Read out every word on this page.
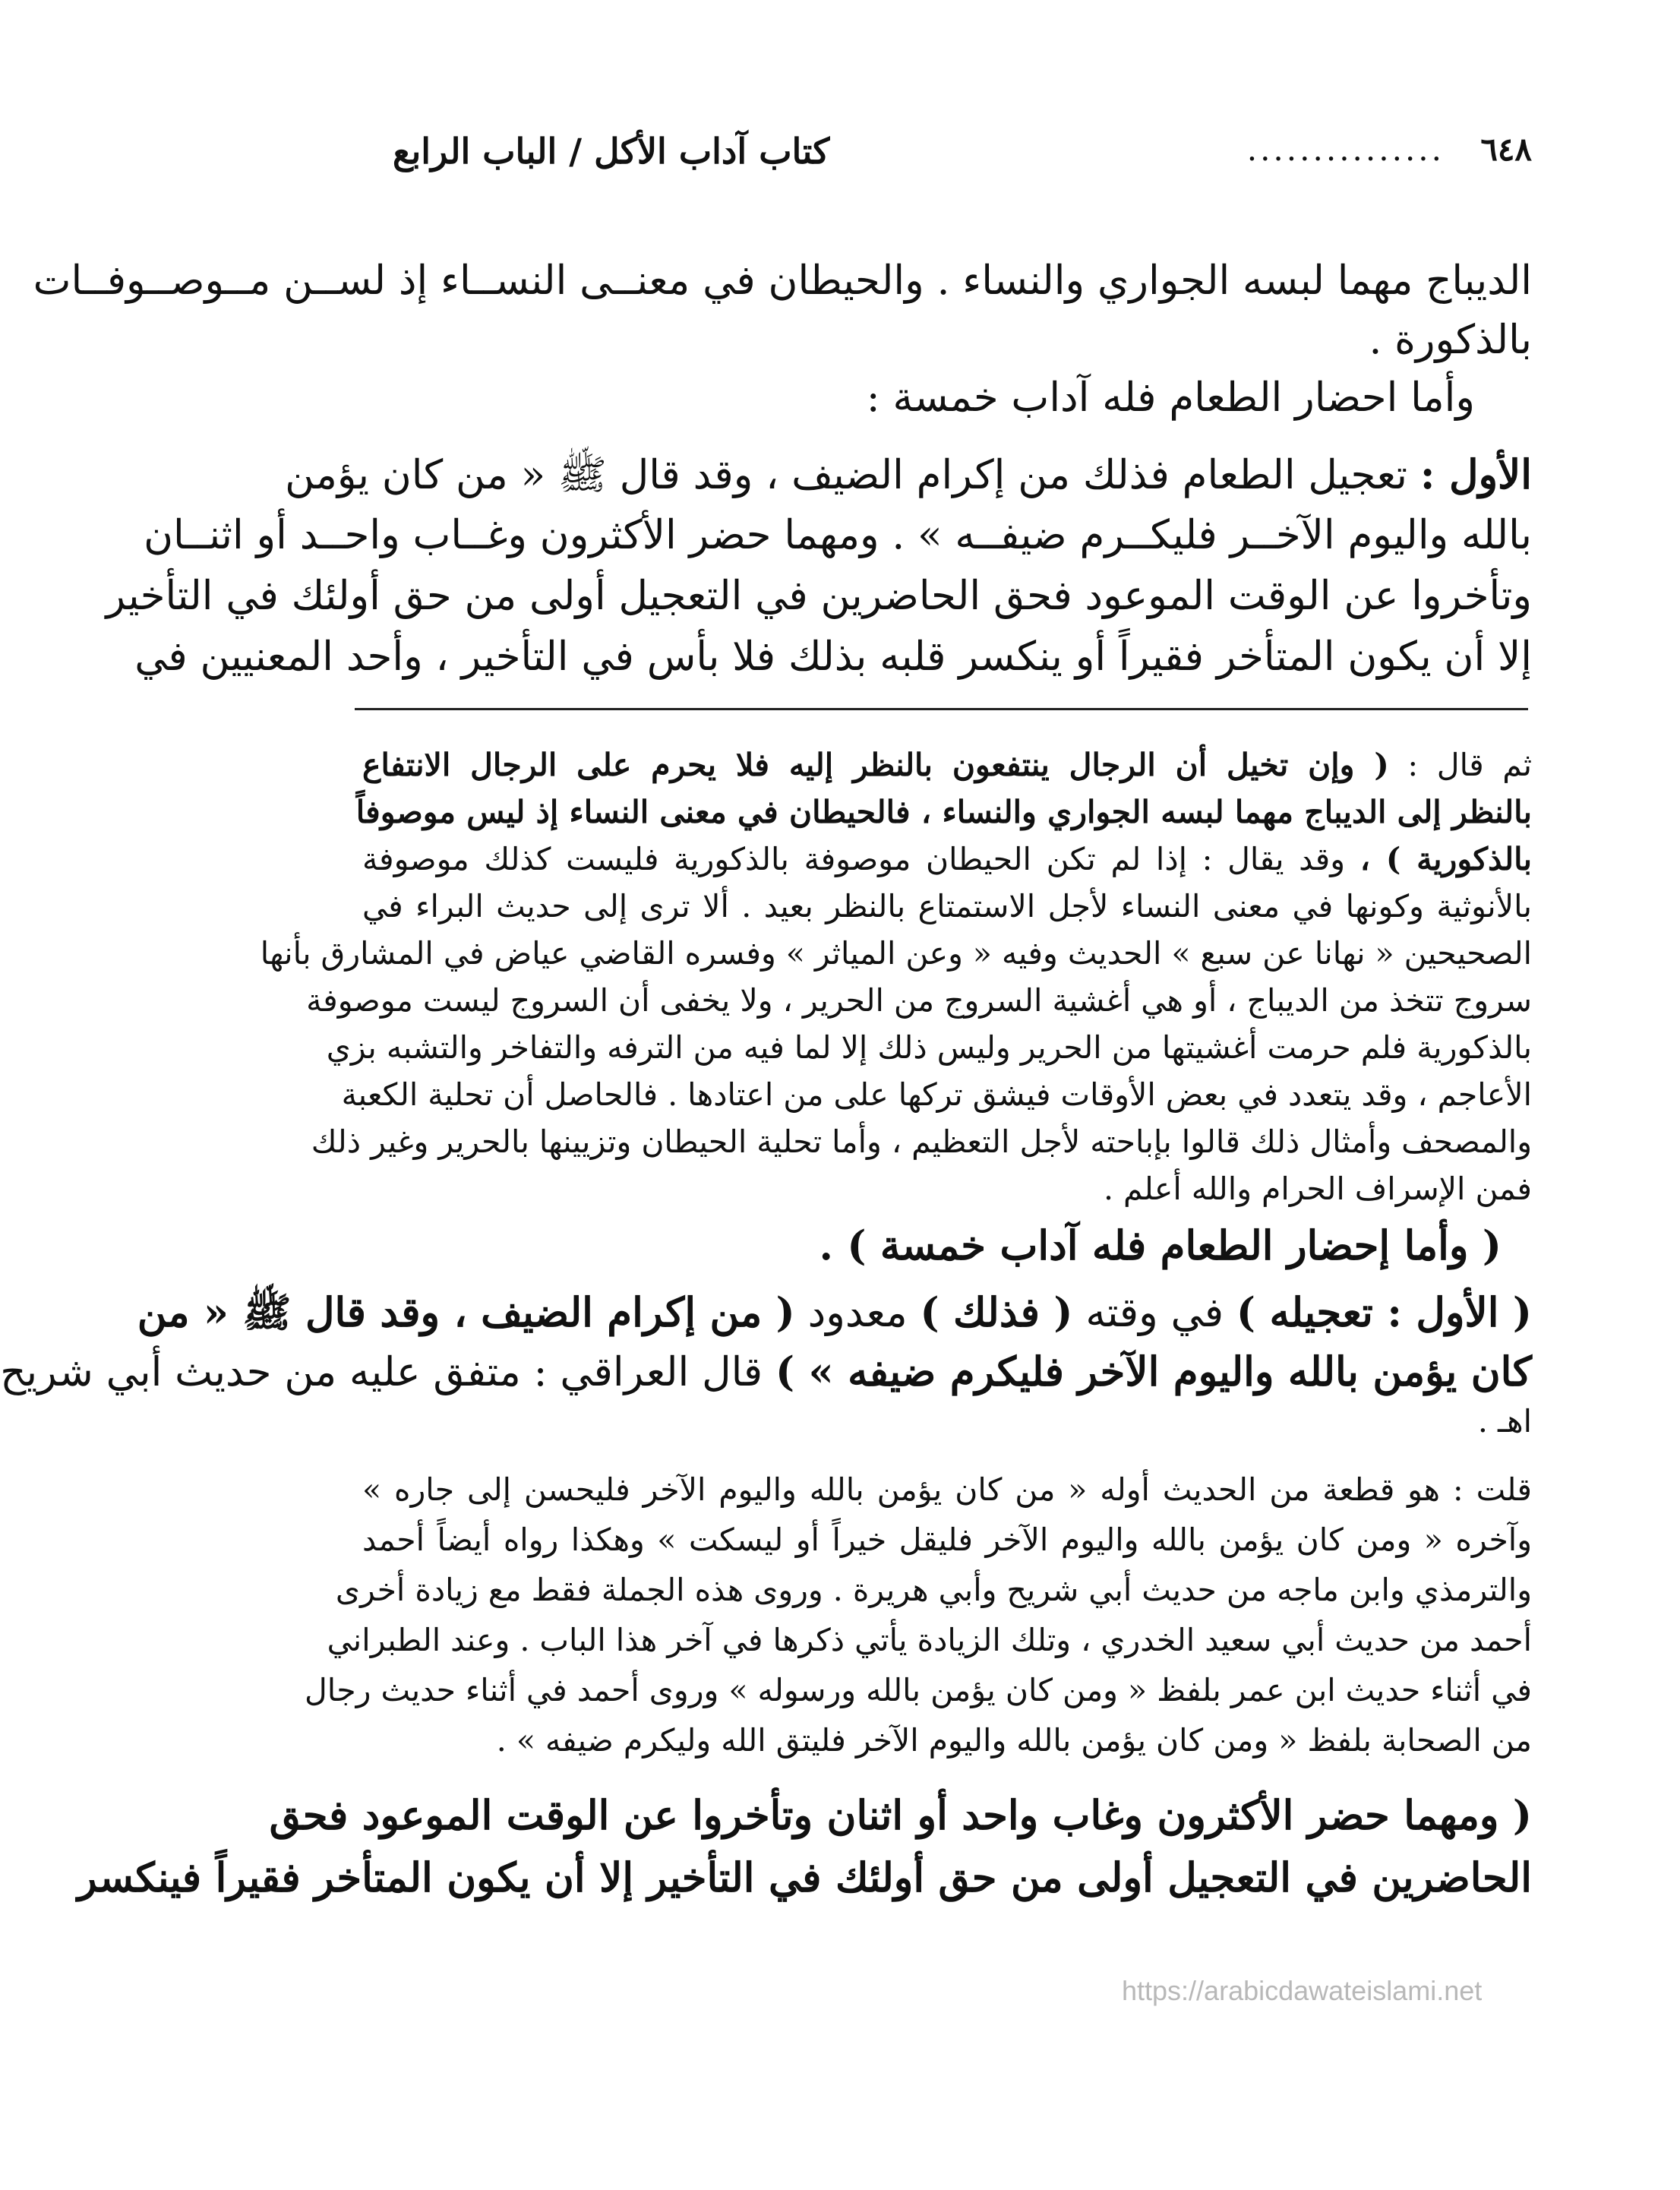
٦٤٨
...............
كتاب آداب الأكل / الباب الرابع
الديباج مهما لبسه الجواري والنساء . والحيطان في معنــى النســاء إذ لســن مــوصــوفــات
بالذكورة .
وأما احضار الطعام فله آداب خمسة :
الأول : تعجيل الطعام فذلك من إكرام الضيف ، وقد قال ﷺ « من كان يؤمن
بالله واليوم الآخــر فليكــرم ضيفــه » . ومهما حضر الأكثرون وغــاب واحــد أو اثنــان
وتأخروا عن الوقت الموعود فحق الحاضرين في التعجيل أولى من حق أولئك في التأخير
إلا أن يكون المتأخر فقيراً أو ينكسر قلبه بذلك فلا بأس في التأخير ، وأحد المعنيين في
ثم قال : ( وإن تخيل أن الرجال ينتفعون بالنظر إليه فلا يحرم على الرجال الانتفاع
بالنظر إلى الديباج مهما لبسه الجواري والنساء ، فالحيطان في معنى النساء إذ ليس موصوفاً
بالذكورية ) ، وقد يقال : إذا لم تكن الحيطان موصوفة بالذكورية فليست كذلك موصوفة
بالأنوثية وكونها في معنى النساء لأجل الاستمتاع بالنظر بعيد . ألا ترى إلى حديث البراء في
الصحيحين « نهانا عن سبع » الحديث وفيه « وعن المياثر » وفسره القاضي عياض في المشارق بأنها
سروج تتخذ من الديباج ، أو هي أغشية السروج من الحرير ، ولا يخفى أن السروج ليست موصوفة
بالذكورية فلم حرمت أغشيتها من الحرير وليس ذلك إلا لما فيه من الترفه والتفاخر والتشبه بزي
الأعاجم ، وقد يتعدد في بعض الأوقات فيشق تركها على من اعتادها . فالحاصل أن تحلية الكعبة
والمصحف وأمثال ذلك قالوا بإباحته لأجل التعظيم ، وأما تحلية الحيطان وتزيينها بالحرير وغير ذلك
فمن الإسراف الحرام والله أعلم .
( وأما إحضار الطعام فله آداب خمسة ) .
( الأول : تعجيله ) في وقته ( فذلك ) معدود ( من إكرام الضيف ، وقد قال ﷺ « من
كان يؤمن بالله واليوم الآخر فليكرم ضيفه » ) قال العراقي : متفق عليه من حديث أبي شريح
اهـ .
قلت : هو قطعة من الحديث أوله « من كان يؤمن بالله واليوم الآخر فليحسن إلى جاره »
وآخره « ومن كان يؤمن بالله واليوم الآخر فليقل خيراً أو ليسكت » وهكذا رواه أيضاً أحمد
والترمذي وابن ماجه من حديث أبي شريح وأبي هريرة . وروى هذه الجملة فقط مع زيادة أخرى
أحمد من حديث أبي سعيد الخدري ، وتلك الزيادة يأتي ذكرها في آخر هذا الباب . وعند الطبراني
في أثناء حديث ابن عمر بلفظ « ومن كان يؤمن بالله ورسوله » وروى أحمد في أثناء حديث رجال
من الصحابة بلفظ « ومن كان يؤمن بالله واليوم الآخر فليتق الله وليكرم ضيفه » .
( ومهما حضر الأكثرون وغاب واحد أو اثنان وتأخروا عن الوقت الموعود فحق
الحاضرين في التعجيل أولى من حق أولئك في التأخير إلا أن يكون المتأخر فقيراً فينكسر
https://arabicdawateislami.net
